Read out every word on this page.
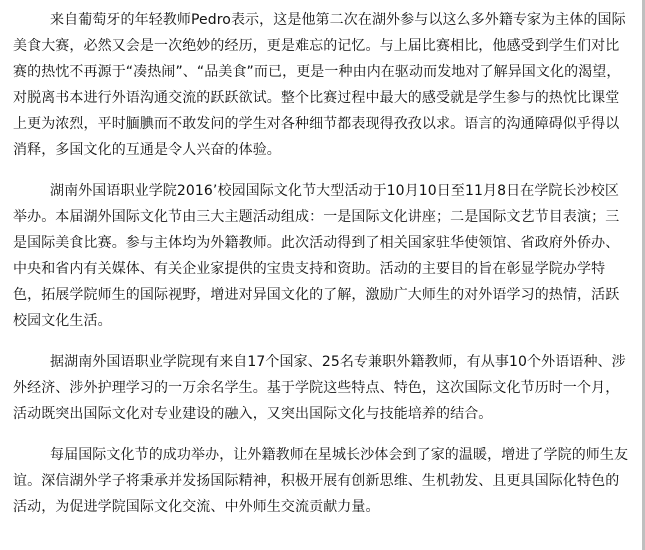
来自葡萄牙的年轻教师Pedro表示，这是他第二次在湖外参与以这么多外籍专家为主体的国际美食大赛，必然又会是一次绝妙的经历，更是难忘的记忆。与上届比赛相比，他感受到学生们对比赛的热忱不再源于“凑热闹”、“品美食”而已，更是一种由内在驱动而发地对了解异国文化的渴望，对脱离书本进行外语沟通交流的跃跃欲试。整个比赛过程中最大的感受就是学生参与的热忱比课堂上更为浓烈，平时腼腆而不敢发问的学生对各种细节都表现得孜孜以求。语言的沟通障碍似乎得以消释，多国文化的互通是令人兴奋的体验。

湖南外国语职业学院2016’校园国际文化节大型活动于10月10日至11月8日在学院长沙校区举办。本届湖外国际文化节由三大主题活动组成：一是国际文化讲座；二是国际文艺节目表演；三是国际美食比赛。参与主体均为外籍教师。此次活动得到了相关国家驻华使领馆、省政府外侨办、中央和省内有关媒体、有关企业家提供的宝贵支持和资助。活动的主要目的旨在彰显学院办学特色，拓展学院师生的国际视野，增进对异国文化的了解，激励广大师生的对外语学习的热情，活跃校园文化生活。

据湖南外国语职业学院现有来自17个国家、25名专兼职外籍教师，有从事10个外语语种、涉外经济、涉外护理学习的一万余名学生。基于学院这些特点、特色，这次国际文化节历时一个月，活动既突出国际文化对专业建设的融入，又突出国际文化与技能培养的结合。

每届国际文化节的成功举办，让外籍教师在星城长沙体会到了家的温暖，增进了学院的师生友谊。深信湖外学子将秉承并发扬国际精神，积极开展有创新思维、生机勃发、且更具国际化特色的活动，为促进学院国际文化交流、中外师生交流贡献力量。
